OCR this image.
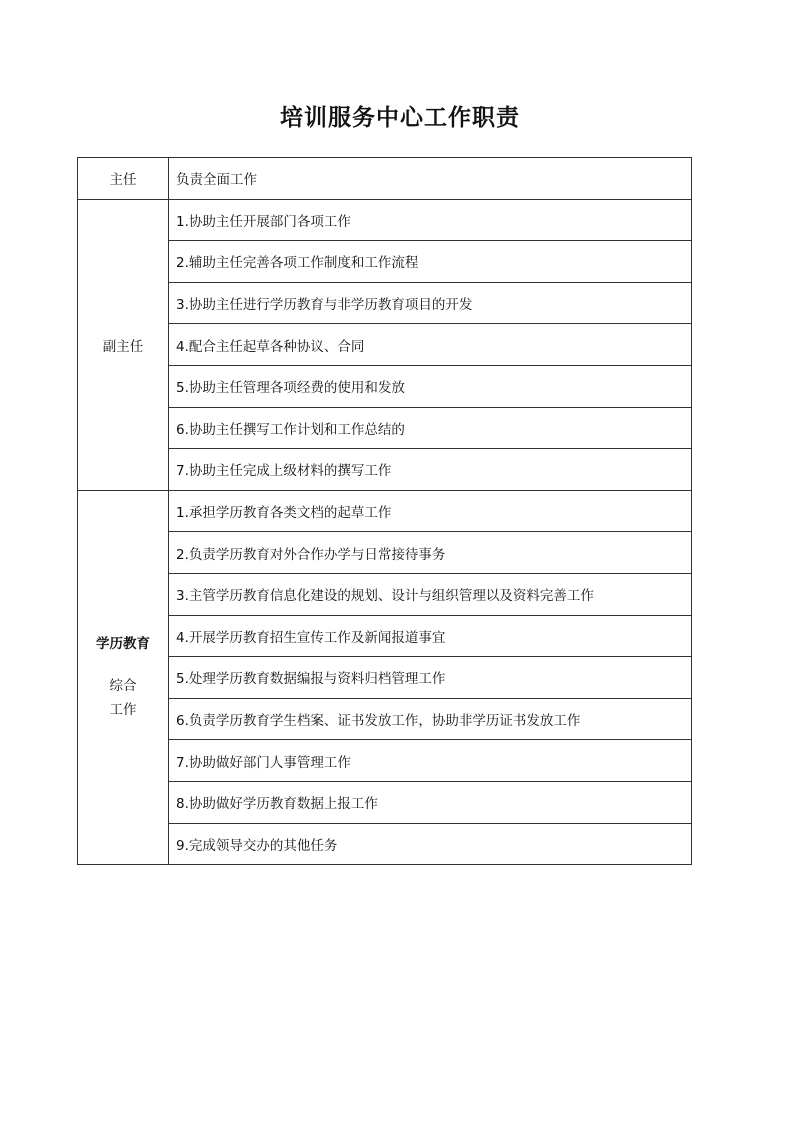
培训服务中心工作职责
主任	负责全面工作
副主任	1.协助主任开展部门各项工作
	2.辅助主任完善各项工作制度和工作流程
	3.协助主任进行学历教育与非学历教育项目的开发
	4.配合主任起草各种协议、合同
	5.协助主任管理各项经费的使用和发放
	6.协助主任撰写工作计划和工作总结的
	7.协助主任完成上级材料的撰写工作

学历教育
综合
工作	1.承担学历教育各类文档的起草工作
	2.负责学历教育对外合作办学与日常接待事务
	3.主管学历教育信息化建设的规划、设计与组织管理以及资料完善工作
	4.开展学历教育招生宣传工作及新闻报道事宜
	5.处理学历教育数据编报与资料归档管理工作
	6.负责学历教育学生档案、证书发放工作，协助非学历证书发放工作
	7.协助做好部门人事管理工作
	8.协助做好学历教育数据上报工作
	9.完成领导交办的其他任务
